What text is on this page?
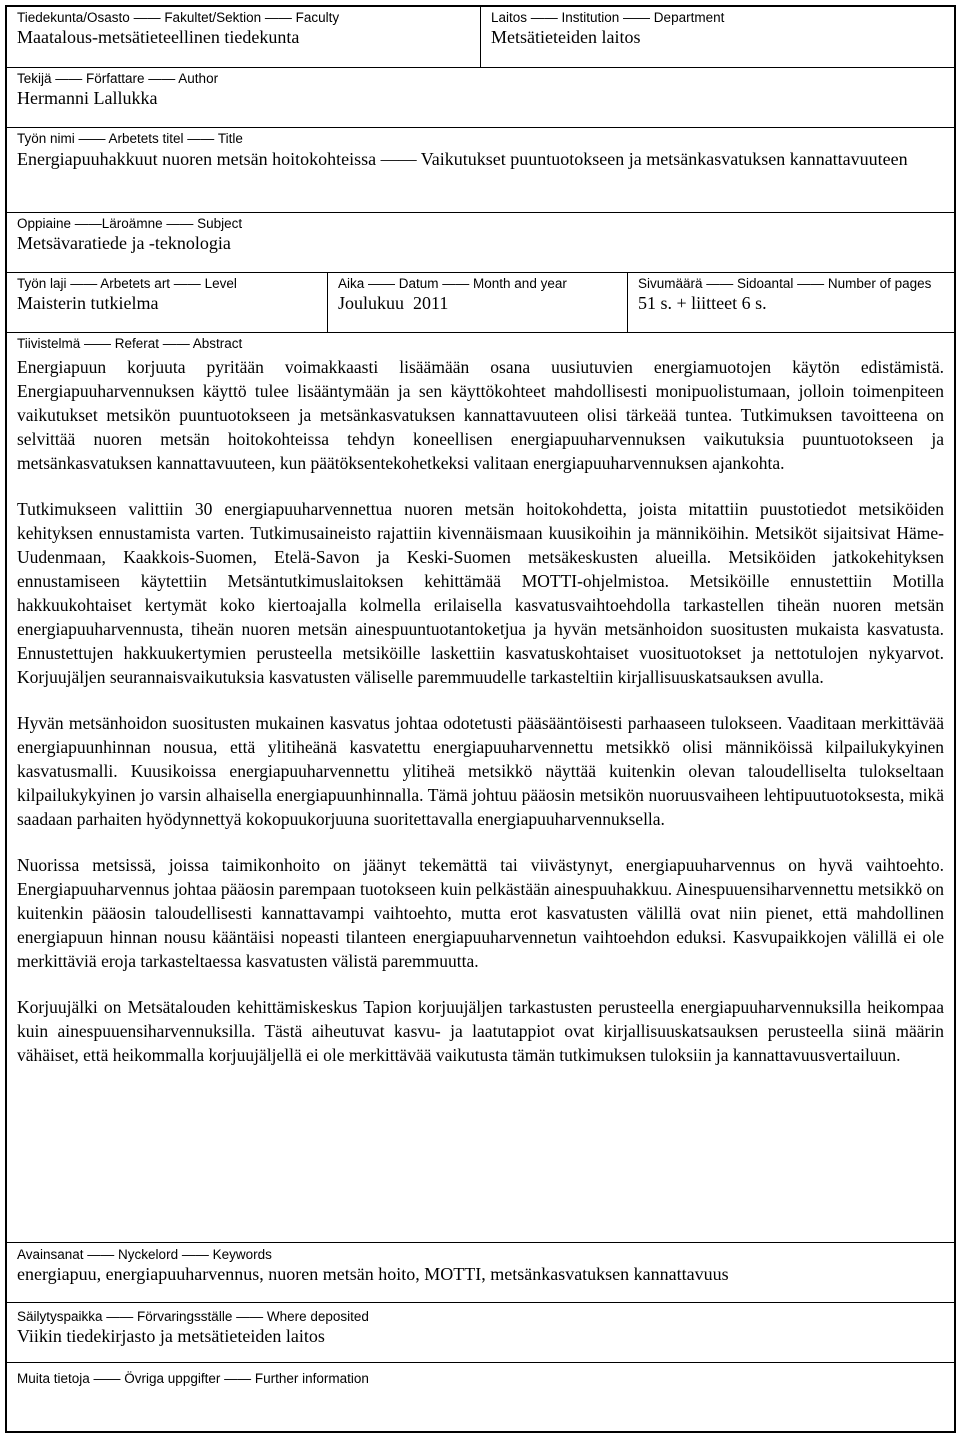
Tiedekunta/Osasto —— Fakultet/Sektion —— Faculty
Maatalous-metsätieteellinen tiedekunta
Laitos —— Institution —— Department
Metsätieteiden laitos
Tekijä —— Författare —— Author
Hermanni Lallukka
Työn nimi —— Arbetets titel —— Title
Energiapuuhakkuut nuoren metsän hoitokohteissa —— Vaikutukset puuntuotokseen ja metsänkasvatuksen kannattavuuteen
Oppiaine ——Läroämne —— Subject
Metsävaratiede ja -teknologia
Työn laji —— Arbetets art —— Level
Maisterin tutkielma
Aika —— Datum —— Month and year
Joulukuu  2011
Sivumäärä —— Sidoantal —— Number of pages
51 s. + liitteet 6 s.
Tiivistelmä —— Referat —— Abstract

Energiapuun korjuuta pyritään voimakkaasti lisäämään osana uusiutuvien energiamuotojen käytön edistämistä. Energiapuuharvennuksen käyttö tulee lisääntymään ja sen käyttökohteet mahdollisesti monipuolistumaan, jolloin toimenpiteen vaikutukset metsikön puuntuotokseen ja metsänkasvatuksen kannattavuuteen olisi tärkeää tuntea. Tutkimuksen tavoitteena on selvittää nuoren metsän hoitokohteissa tehdyn koneellisen energiapuuharvennuksen vaikutuksia puuntuotokseen ja metsänkasvatuksen kannattavuuteen, kun päätöksentekohetkeksi valitaan energiapuuharvennuksen ajankohta.

Tutkimukseen valittiin 30 energiapuuharvennettua nuoren metsän hoitokohdetta, joista mitattiin puustotiedot metsiköiden kehityksen ennustamista varten. Tutkimusaineisto rajattiin kivennäismaan kuusikoihin ja männiköihin. Metsiköt sijaitsivat Häme-Uudenmaan, Kaakkois-Suomen, Etelä-Savon ja Keski-Suomen metsäkeskusten alueilla. Metsiköiden jatkokehityksen ennustamiseen käytettiin Metsäntutkimuslaitoksen kehittämää MOTTI-ohjelmistoa. Metsiköille ennustettiin Motilla hakkuukohtaiset kertymät koko kiertoajalla kolmella erilaisella kasvatusvaihtoehdolla tarkastellen tiheän nuoren metsän energiapuuharvennusta, tiheän nuoren metsän ainespuuntuotantoketjua ja hyvän metsänhoidon suositusten mukaista kasvatusta. Ennustettujen hakkuukertymien perusteella metsiköille laskettiin kasvatuskohtaiset vuosituotokset ja nettotulojen nykyarvot. Korjuujäljen seurannaisvaikutuksia kasvatusten väliselle paremmuudelle tarkasteltiin kirjallisuuskatsauksen avulla.

Hyvän metsänhoidon suositusten mukainen kasvatus johtaa odotetusti pääsääntöisesti parhaaseen tulokseen. Vaaditaan merkittävää energiapuunhinnan nousua, että ylitiheänä kasvatettu energiapuuharvennettu metsikkö olisi männiköissä kilpailukykyinen kasvatusmalli. Kuusikoissa energiapuuharvennettu ylitiheä metsikkö näyttää kuitenkin olevan taloudelliselta tulokseltaan kilpailukykyinen jo varsin alhaisella energiapuunhinnalla. Tämä johtuu pääosin metsikön nuoruusvaiheen lehtipuutuotoksesta, mikä saadaan parhaiten hyödynnettyä kokopuukorjuuna suoritettavalla energiapuuharvennuksella.

Nuorissa metsissä, joissa taimikonhoito on jäänyt tekemättä tai viivästynyt, energiapuuharvennus on hyvä vaihtoehto. Energiapuuharvennus johtaa pääosin parempaan tuotokseen kuin pelkästään ainespuuhakkuu. Ainespuuensiharvennettu metsikkö on kuitenkin pääosin taloudellisesti kannattavampi vaihtoehto, mutta erot kasvatusten välillä ovat niin pienet, että mahdollinen energiapuun hinnan nousu kääntäisi nopeasti tilanteen energiapuuharvennetun vaihtoehdon eduksi. Kasvupaikkojen välillä ei ole merkittäviä eroja tarkasteltaessa kasvatusten välistä paremmuutta.

Korjuujälki on Metsätalouden kehittämiskeskus Tapion korjuujäljen tarkastusten perusteella energiapuuharvennuksilla heikompaa kuin ainespuuensiharvennuksilla. Tästä aiheutuvat kasvu- ja laatutappiot ovat kirjallisuuskatsauksen perusteella siinä määrin vähäiset, että heikommalla korjuujäljellä ei ole merkittävää vaikutusta tämän tutkimuksen tuloksiin ja kannattavuusvertailuun.

Avainsanat —— Nyckelord —— Keywords
energiapuu, energiapuuharvennus, nuoren metsän hoito, MOTTI, metsänkasvatuksen kannattavuus
Säilytyspaikka —— Förvaringsställe —— Where deposited
Viikin tiedekirjasto ja metsätieteiden laitos
Muita tietoja —— Övriga uppgifter —— Further information
